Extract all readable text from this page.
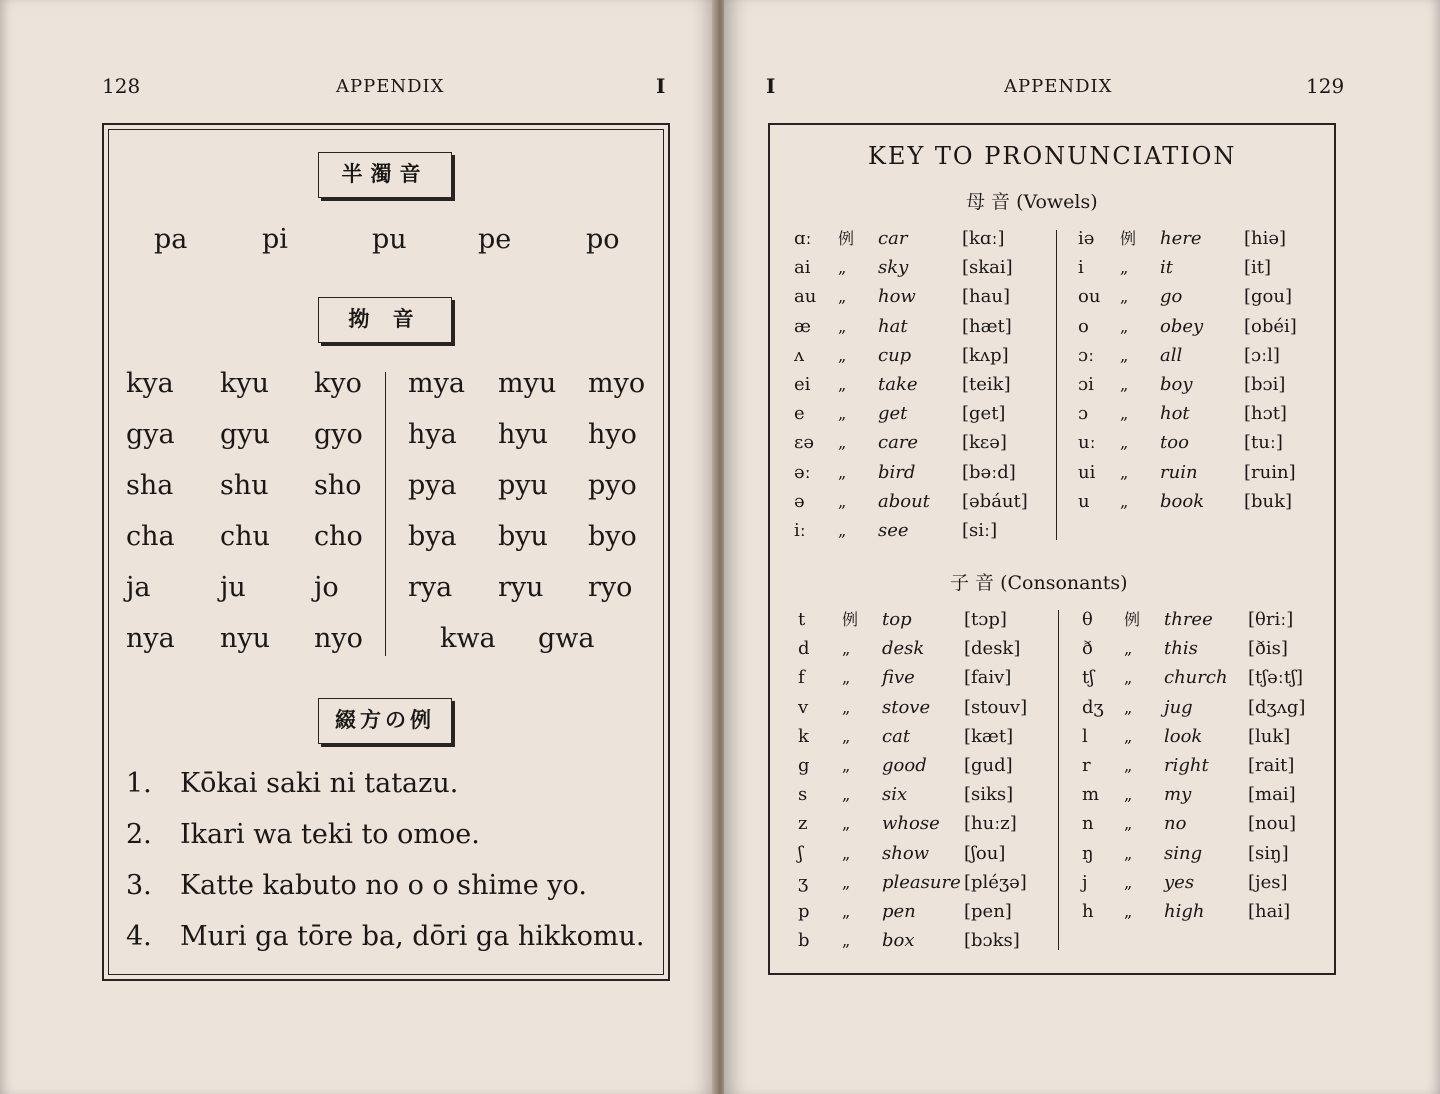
128	APPENDIX	I
半濁音
pa	pi	pu	pe	po
拗 音
kya kyu kyo mya myu myo
gya gyu gyo hya hyu hyo
sha shu sho pya pyu pyo
cha chu cho bya byu byo
ja	ju	jo	rya ryu ryo
nya nyu nyo	kwa gwa
綴方の例
1. Kōkai saki ni tatazu.
2. Ikari wa teki to omoe.
3. Katte kabuto no o o shime yo.
4. Muri ga tōre ba, dōri ga hikkomu.
I	APPENDIX	129
KEY TO PRONUNCIATION
母 音 (Vowels)
子 音 (Consonants)
ɑː 例 car	[kɑː]
ai „ sky	[skai]
au „ how	[hau]
æ „ hat	[hæt]
ʌ „ cup	[kʌp]
ei „ take [teik]
e „ get	[get]
ɛə „ care [kɛə]
əː „ bird	[bəːd]
ə „ about [əbáut]
iː „ see	[siː]
iə 例 here [hiə]
i „ it	[it]
ou „ go	[gou]
o „ obey [obéi]
ɔː „ all	[ɔːl]
ɔi „ boy	[bɔi]
ɔ „ hot	[hɔt]
uː „ too	[tuː]
ui „ ruin	[ruin]
u „ book [buk]
t 例 top	[tɔp]
d „ desk [desk]
f „ five	[faiv]
v „ stove [stouv]
k „ cat	[kæt]
g „ good [gud]
s „ six	[siks]
z „ whose [huːz]
ʃ „ show [ʃou]
ʒ „ pleasure [pléʒə]
p „ pen	[pen]
b „ box	[bɔks]
θ 例 three [θriː]
ð „ this	[ðis]
tʃ „ church [tʃəːtʃ]
dʒ „ jug	[dʒʌg]
l „ look	[luk]
r „ right [rait]
m „ my	[mai]
n „ no	[nou]
ŋ „ sing	[siŋ]
j „ yes	[jes]
h „ high [hai]
